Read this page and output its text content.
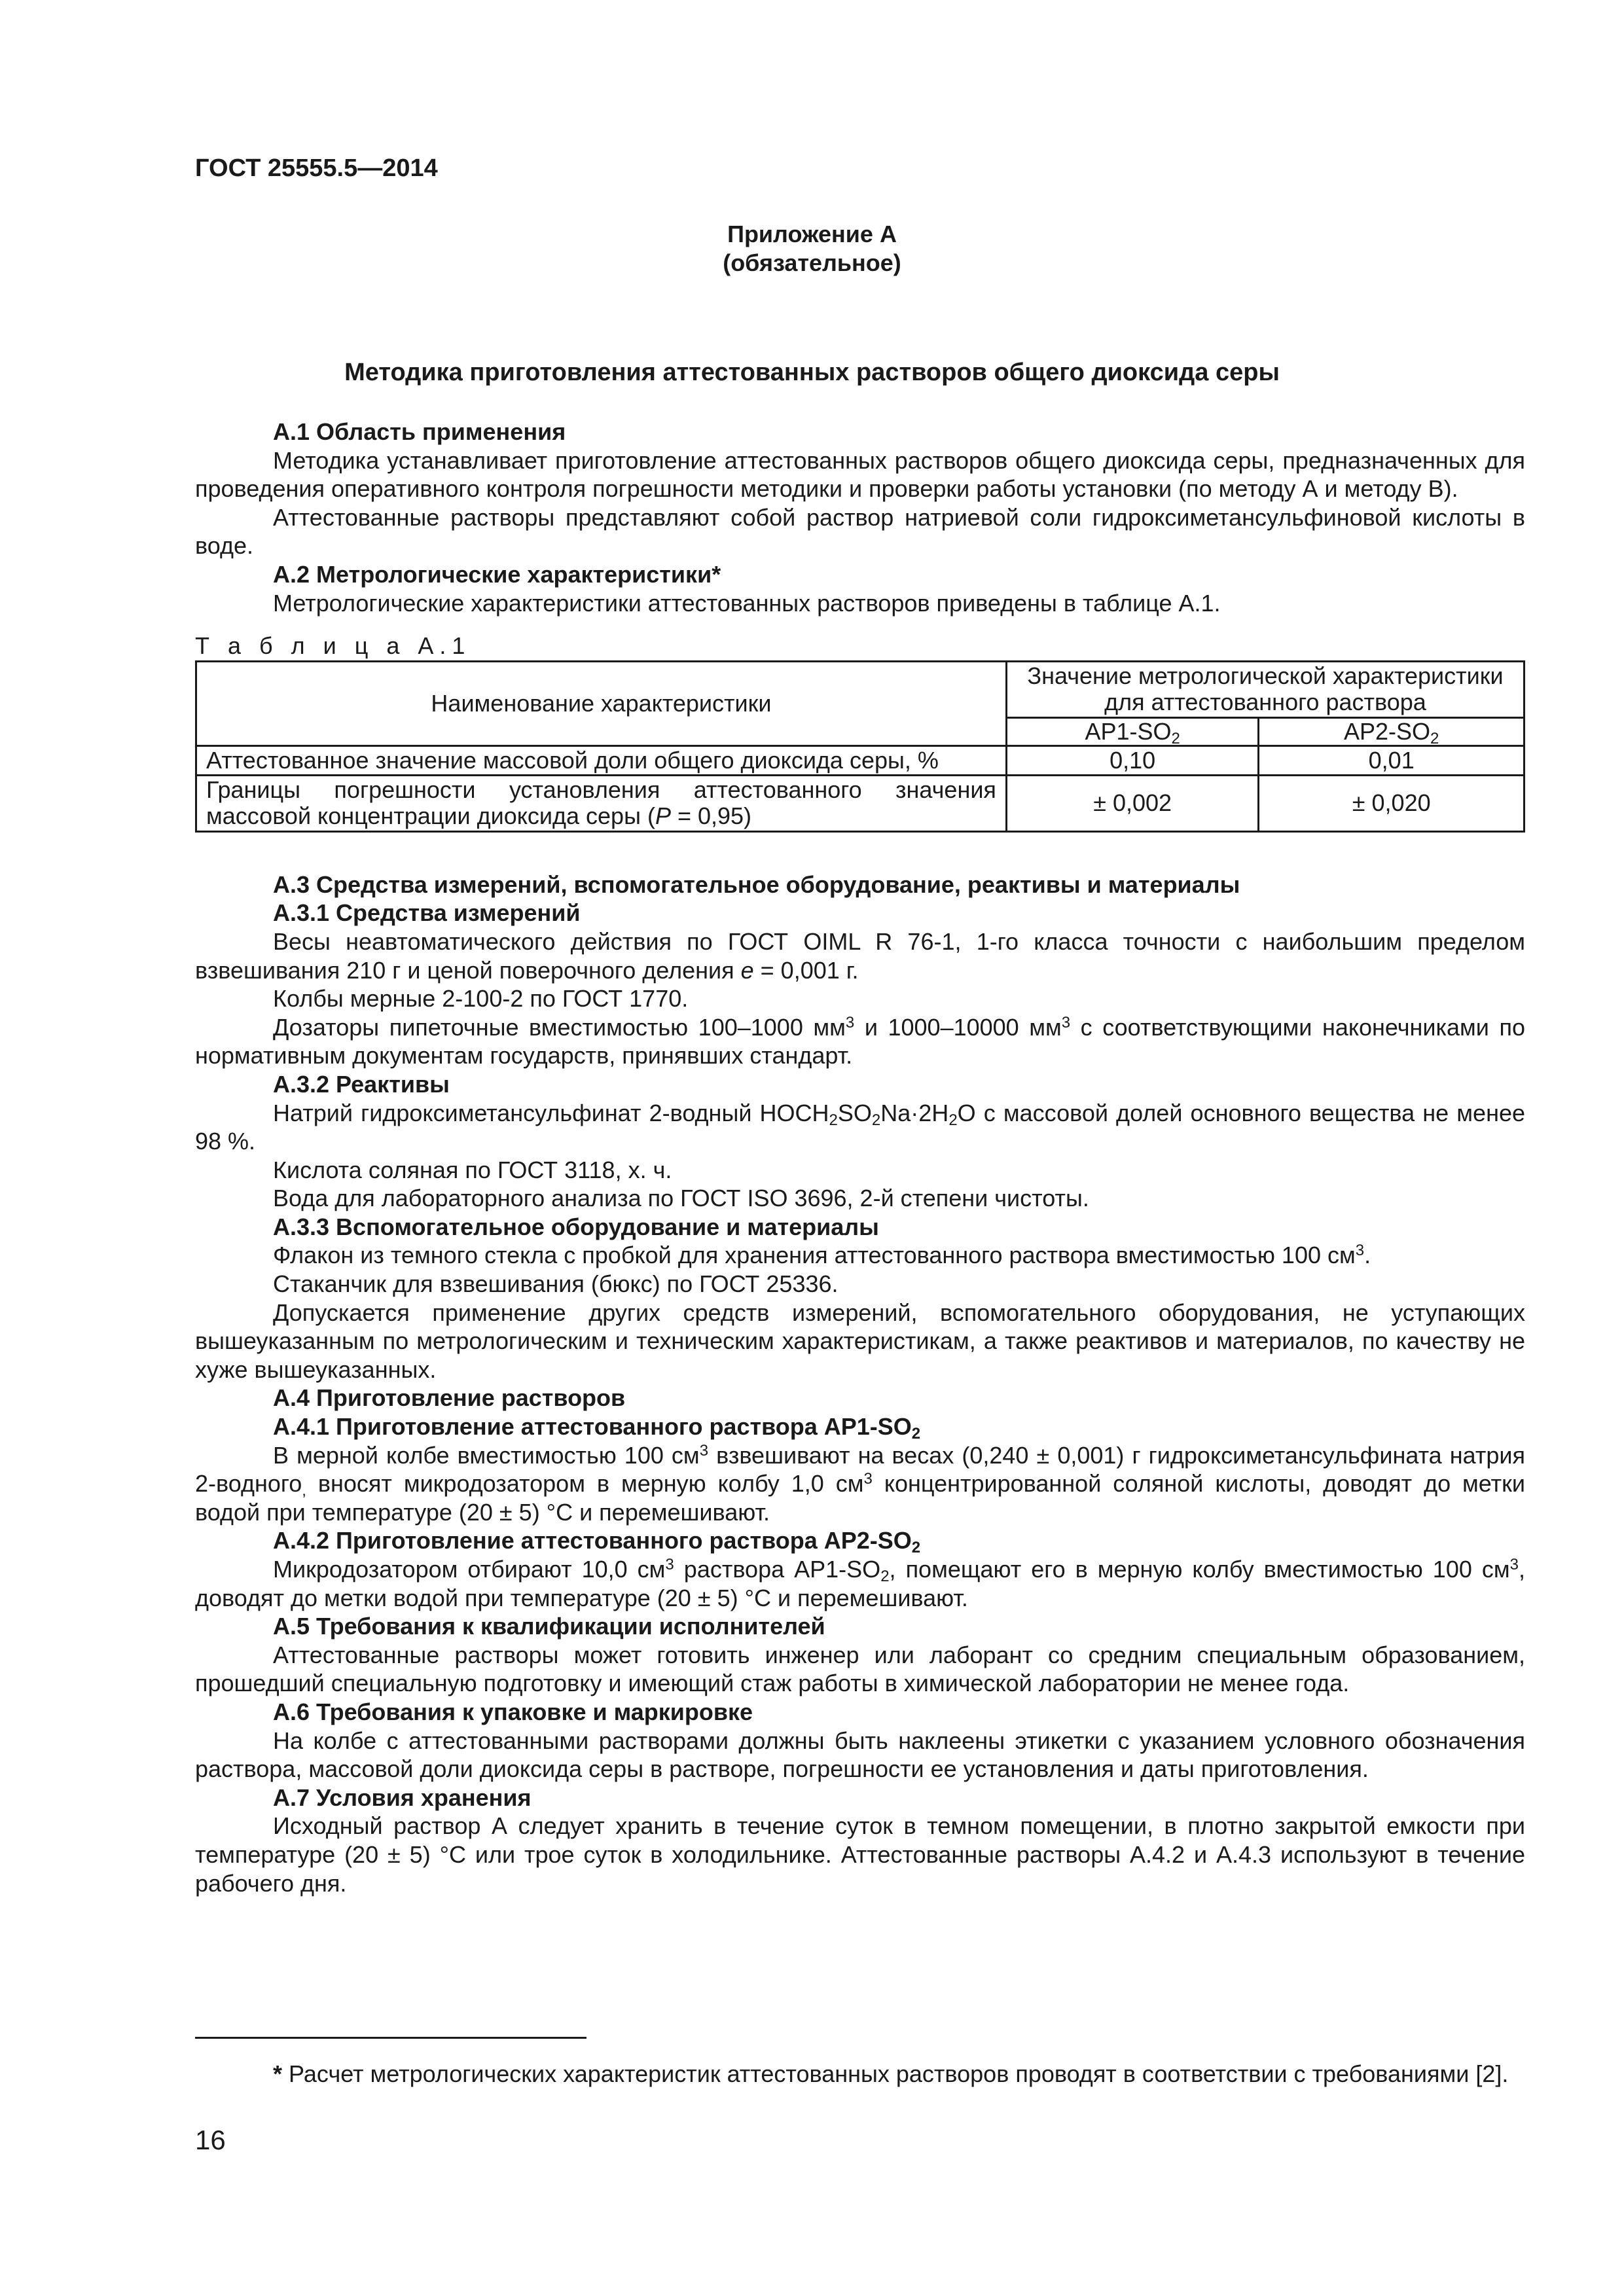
ГОСТ 25555.5—2014
Приложение А
(обязательное)
Методика приготовления аттестованных растворов общего диоксида серы

А.1 Область применения

Методика устанавливает приготовление аттестованных растворов общего диоксида серы, предназначенных для проведения оперативного контроля погрешности методики и проверки работы установки (по методу А и методу В).

Аттестованные растворы представляют собой раствор натриевой соли гидроксиметансульфиновой кислоты в воде.

А.2 Метрологические характеристики*

Метрологические характеристики аттестованных растворов приведены в таблице А.1.

Т а б л и ц а А.1

Наименование характеристики	Значение метрологической характеристики для аттестованного раствора	
	$АР1-SO_2$	$АР2-SO_2$
Аттестованное значение массовой доли общего диоксида серы, %	0,10	0,01
Границы погрешности установления аттестованного значения массовой концентрации диоксида серы (Р = 0,95)	± 0,002	± 0,020

А.3 Средства измерений, вспомогательное оборудование, реактивы и материалы

А.3.1 Средства измерений

Весы неавтоматического действия по ГОСТ OIML R 76-1, 1-го класса точности с наибольшим пределом взвешивания 210 г и ценой поверочного деления е = 0,001 г.

Колбы мерные 2-100-2 по ГОСТ 1770.

Дозаторы пипеточные вместимостью 100–1000 $мм^3$ и 1000–10000 $мм^3$ с соответствующими наконечниками по нормативным документам государств, принявших стандарт.

А.3.2 Реактивы

Натрий гидроксиметансульфинат 2-водный $HOCH_2SO_2Na\cdot 2H_2O$ с массовой долей основного вещества не менее 98 %.

Кислота соляная по ГОСТ 3118, х. ч.

Вода для лабораторного анализа по ГОСТ ISO 3696, 2-й степени чистоты.

А.3.3 Вспомогательное оборудование и материалы

Флакон из темного стекла с пробкой для хранения аттестованного раствора вместимостью 100 $см^3$.

Стаканчик для взвешивания (бюкс) по ГОСТ 25336.

Допускается применение других средств измерений, вспомогательного оборудования, не уступающих вышеуказанным по метрологическим и техническим характеристикам, а также реактивов и материалов, по качеству не хуже вышеуказанных.

А.4 Приготовление растворов

А.4.1 Приготовление аттестованного раствора $АР1-SO_2$

В мерной колбе вместимостью 100 $см^3$ взвешивают на весах (0,240 ± 0,001) г гидроксиметансульфината натрия 2-водного$_,$ вносят микродозатором в мерную колбу 1,0 $см^3$ концентрированной соляной кислоты, доводят до метки водой при температуре (20 ± 5) °С и перемешивают.

А.4.2 Приготовление аттестованного раствора $АР2-SO_2$

Микродозатором отбирают 10,0 $см^3$ раствора $АР1-SO_2$, помещают его в мерную колбу вместимостью 100 $см^3$, доводят до метки водой при температуре (20 ± 5) °С и перемешивают.

А.5 Требования к квалификации исполнителей

Аттестованные растворы может готовить инженер или лаборант со средним специальным образованием, прошедший специальную подготовку и имеющий стаж работы в химической лаборатории не менее года.

А.6 Требования к упаковке и маркировке

На колбе с аттестованными растворами должны быть наклеены этикетки с указанием условного обозначения раствора, массовой доли диоксида серы в растворе, погрешности ее установления и даты приготовления.

А.7 Условия хранения

Исходный раствор А следует хранить в течение суток в темном помещении, в плотно закрытой емкости при температуре (20 ± 5) °С или трое суток в холодильнике. Аттестованные растворы А.4.2 и А.4.3 используют в течение рабочего дня.

* Расчет метрологических характеристик аттестованных растворов проводят в соответствии с требованиями [2].
16
